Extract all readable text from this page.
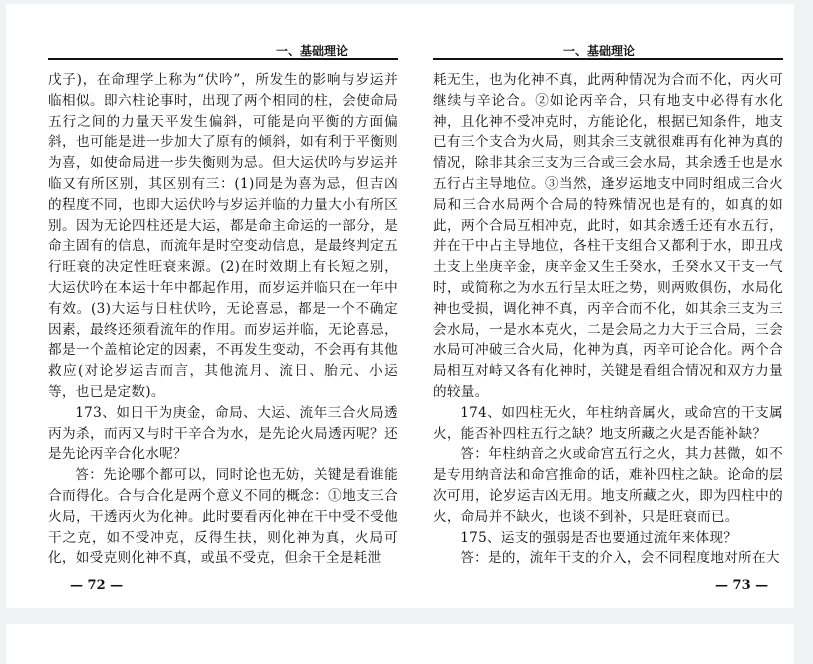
一、基础理论

戊子)，在命理学上称为“伏吟”，所发生的影响与岁运并临相似。即六柱论事时，出现了两个相同的柱，会使命局五行之间的力量天平发生偏斜，可能是向平衡的方面偏斜，也可能是进一步加大了原有的倾斜，如有利于平衡则为喜，如使命局进一步失衡则为忌。但大运伏吟与岁运并临又有所区别，其区别有三：(1)同是为喜为忌，但吉凶的程度不同，也即大运伏吟与岁运并临的力量大小有所区别。因为无论四柱还是大运，都是命主命运的一部分，是命主固有的信息，而流年是时空变动信息，是最终判定五行旺衰的决定性旺衰来源。(2)在时效期上有长短之别，大运伏吟在本运十年中都起作用，而岁运并临只在一年中有效。(3)大运与日柱伏吟，无论喜忌，都是一个不确定因素，最终还须看流年的作用。而岁运并临，无论喜忌，都是一个盖棺论定的因素，不再发生变动，不会再有其他救应(对论岁运吉而言，其他流月、流日、胎元、小运等，也已是定数)。

173、如日干为庚金，命局、大运、流年三合火局透丙为杀，而丙又与时干辛合为水，是先论火局透丙呢？还是先论丙辛合化水呢？

答：先论哪个都可以，同时论也无妨，关键是看谁能合而得化。合与合化是两个意义不同的概念：①地支三合火局，干透丙火为化神。此时要看丙化神在干中受不受他干之克，如不受冲克，反得生扶，则化神为真，火局可化，如受克则化神不真，或虽不受克，但余干全是耗泄

— 72 —
一、基础理论

耗无生，也为化神不真，此两种情况为合而不化，丙火可继续与辛论合。②如论丙辛合，只有地支中必得有水化神，且化神不受冲克时，方能论化，根据已知条件，地支已有三个支合为火局，则其余三支就很难再有化神为真的情况，除非其余三支为三合或三会水局，其余透壬也是水五行占主导地位。③当然，逢岁运地支中同时组成三合火局和三合水局两个合局的特殊情况也是有的，如真的如此，两个合局互相冲克，此时，如其余透壬还有水五行，并在干中占主导地位，各柱干支组合又都利于水，即丑戌土支上坐庚辛金，庚辛金又生壬癸水，壬癸水又干支一气时，或简称之为水五行呈太旺之势，则两败俱伤，水局化神也受损，调化神不真，丙辛合而不化，如其余三支为三会水局，一是水本克火，二是会局之力大于三合局，三会水局可冲破三合火局，化神为真，丙辛可论合化。两个合局相互对峙又各有化神时，关键是看组合情况和双方力量的较量。

174、如四柱无火，年柱纳音属火，或命宫的干支属火，能否补四柱五行之缺？地支所藏之火是否能补缺？

答：年柱纳音之火或命宫五行之火，其力甚微，如不是专用纳音法和命宫推命的话，难补四柱之缺。论命的层次可用，论岁运吉凶无用。地支所藏之火，即为四柱中的火，命局并不缺火，也谈不到补，只是旺衰而已。

175、运支的强弱是否也要通过流年来体现？

答：是的，流年干支的介入，会不同程度地对所在大

— 73 —
